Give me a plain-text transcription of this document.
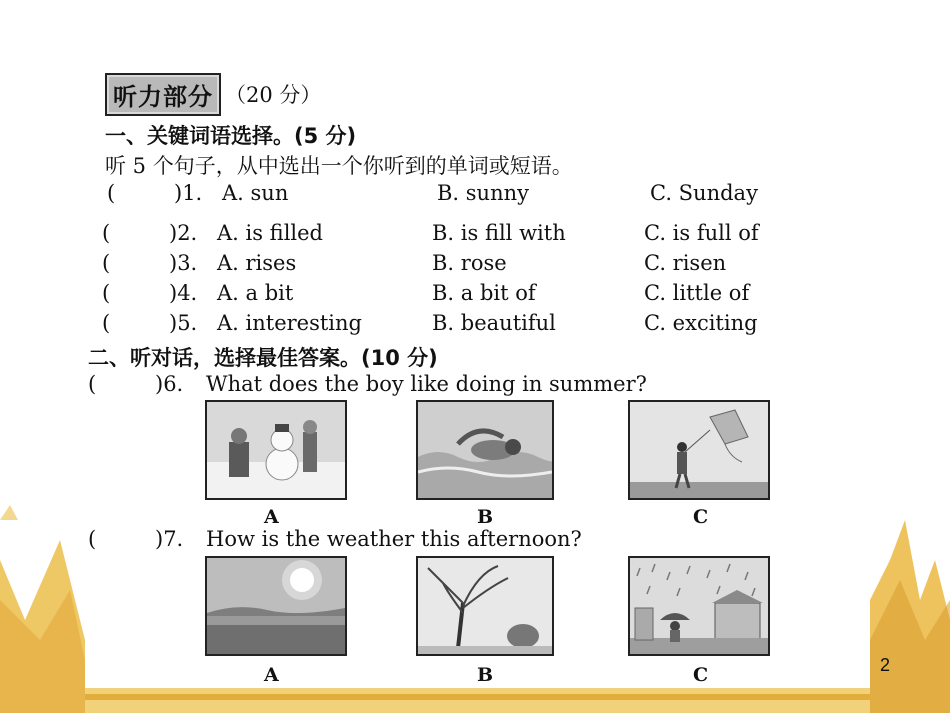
听力部分 （20 分）
一、关键词语选择。(5 分)
听 5 个句子，从中选出一个你听到的单词或短语。
(	)1. A. sun	B. sunny	C. Sunday
(	)2. A. is filled	B. is fill with	C. is full of
(	)3. A. rises	B. rose	C. risen
(	)4. A. a bit	B. a bit of	C. little of
(	)5. A. interesting	B. beautiful	C. exciting
二、听对话，选择最佳答案。(10 分)
(	)6. What does the boy like doing in summer?
A	B	C
(	)7. How is the weather this afternoon?
A	B	C	2
